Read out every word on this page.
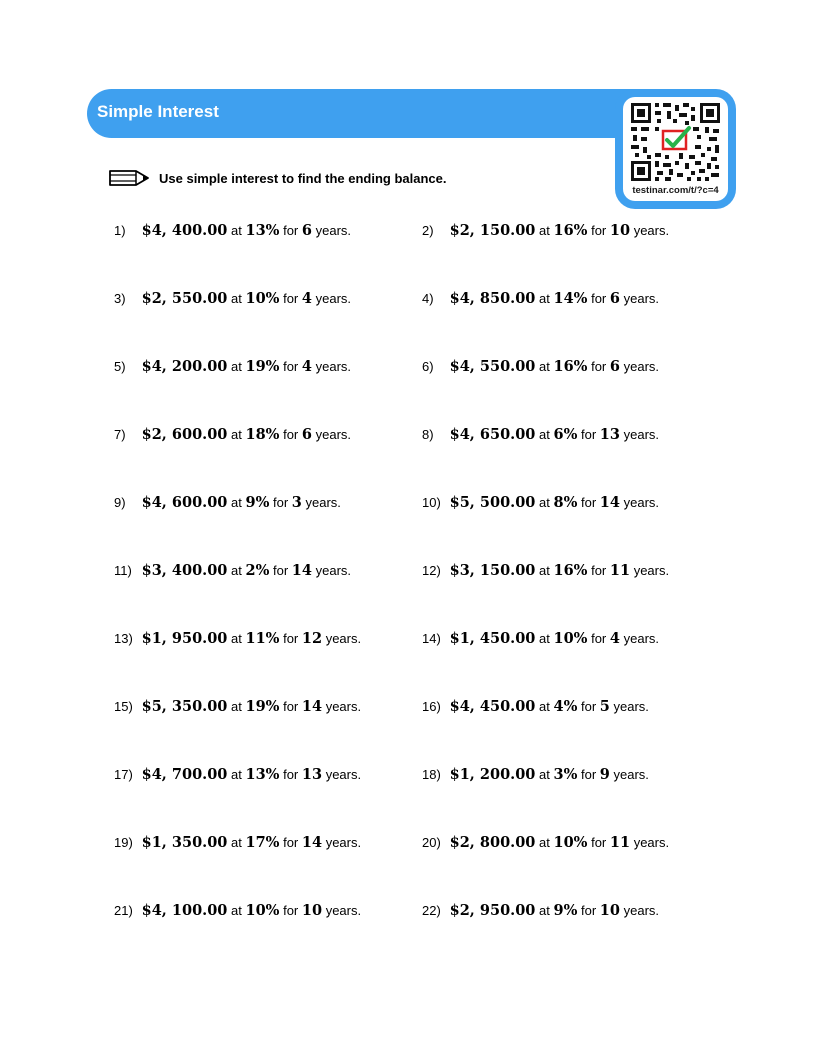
Simple Interest
testinar.com/t/?c=4
Use simple interest to find the ending balance.
1) $4, 400.00 at 13% for 6 years.	2) $2, 150.00 at 16% for 10 years.
3) $2, 550.00 at 10% for 4 years.	4) $4, 850.00 at 14% for 6 years.
5) $4, 200.00 at 19% for 4 years.	6) $4, 550.00 at 16% for 6 years.
7) $2, 600.00 at 18% for 6 years.	8) $4, 650.00 at 6% for 13 years.
9) $4, 600.00 at 9% for 3 years.	10) $5, 500.00 at 8% for 14 years.
11) $3, 400.00 at 2% for 14 years.	12) $3, 150.00 at 16% for 11 years.
13) $1, 950.00 at 11% for 12 years.	14) $1, 450.00 at 10% for 4 years.
15) $5, 350.00 at 19% for 14 years.	16) $4, 450.00 at 4% for 5 years.
17) $4, 700.00 at 13% for 13 years.	18) $1, 200.00 at 3% for 9 years.
19) $1, 350.00 at 17% for 14 years.	20) $2, 800.00 at 10% for 11 years.
21) $4, 100.00 at 10% for 10 years.	22) $2, 950.00 at 9% for 10 years.
